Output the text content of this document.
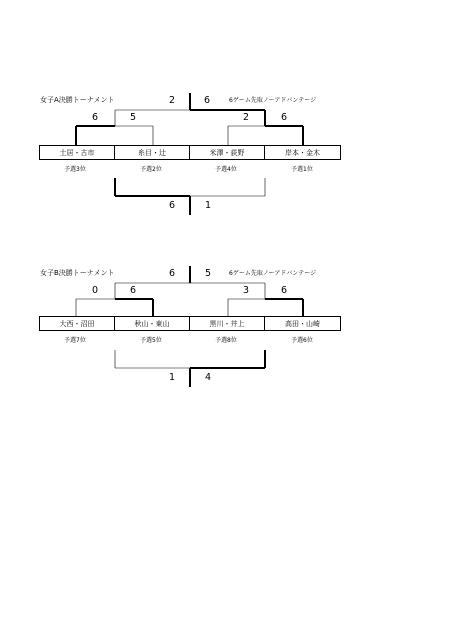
女子A決勝トーナメント	6ゲーム先取ノーアドバンテージ
2	6
6	5	2	6
土居・古市	糸目・辻	米澤・荻野	岸本・金木
予選3位	予選2位	予選4位	予選1位
6	1
女子B決勝トーナメント	6ゲーム先取ノーアドバンテージ
6	5
0	6	3	6
大西・沼田	秋山・東山	黒川・井上	高田・山崎
予選7位	予選5位	予選8位	予選6位
1	4
